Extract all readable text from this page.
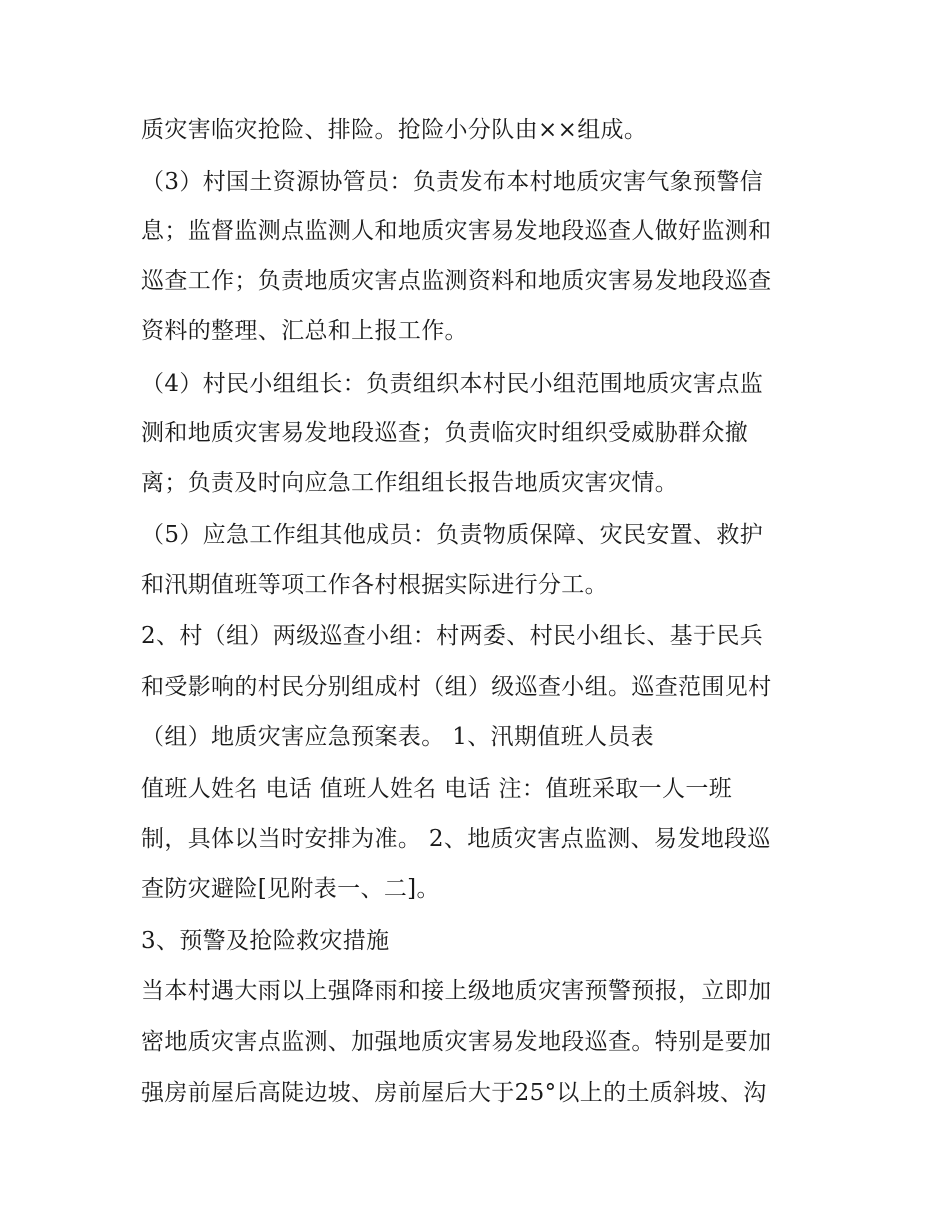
质灾害临灾抢险、排险。抢险小分队由××组成。
（3）村国土资源协管员：负责发布本村地质灾害气象预警信
息；监督监测点监测人和地质灾害易发地段巡查人做好监测和
巡查工作；负责地质灾害点监测资料和地质灾害易发地段巡查
资料的整理、汇总和上报工作。
（4）村民小组组长：负责组织本村民小组范围地质灾害点监
测和地质灾害易发地段巡查；负责临灾时组织受威胁群众撤
离；负责及时向应急工作组组长报告地质灾害灾情。
（5）应急工作组其他成员：负责物质保障、灾民安置、救护
和汛期值班等项工作各村根据实际进行分工。
2、村（组）两级巡查小组：村两委、村民小组长、基于民兵
和受影响的村民分别组成村（组）级巡查小组。巡查范围见村
（组）地质灾害应急预案表。 1、汛期值班人员表
值班人姓名 电话 值班人姓名 电话 注：值班采取一人一班
制，具体以当时安排为准。 2、地质灾害点监测、易发地段巡
查防灾避险[见附表一、二]。
3、预警及抢险救灾措施
当本村遇大雨以上强降雨和接上级地质灾害预警预报，立即加
密地质灾害点监测、加强地质灾害易发地段巡查。特别是要加
强房前屋后高陡边坡、房前屋后大于25°以上的土质斜坡、沟
